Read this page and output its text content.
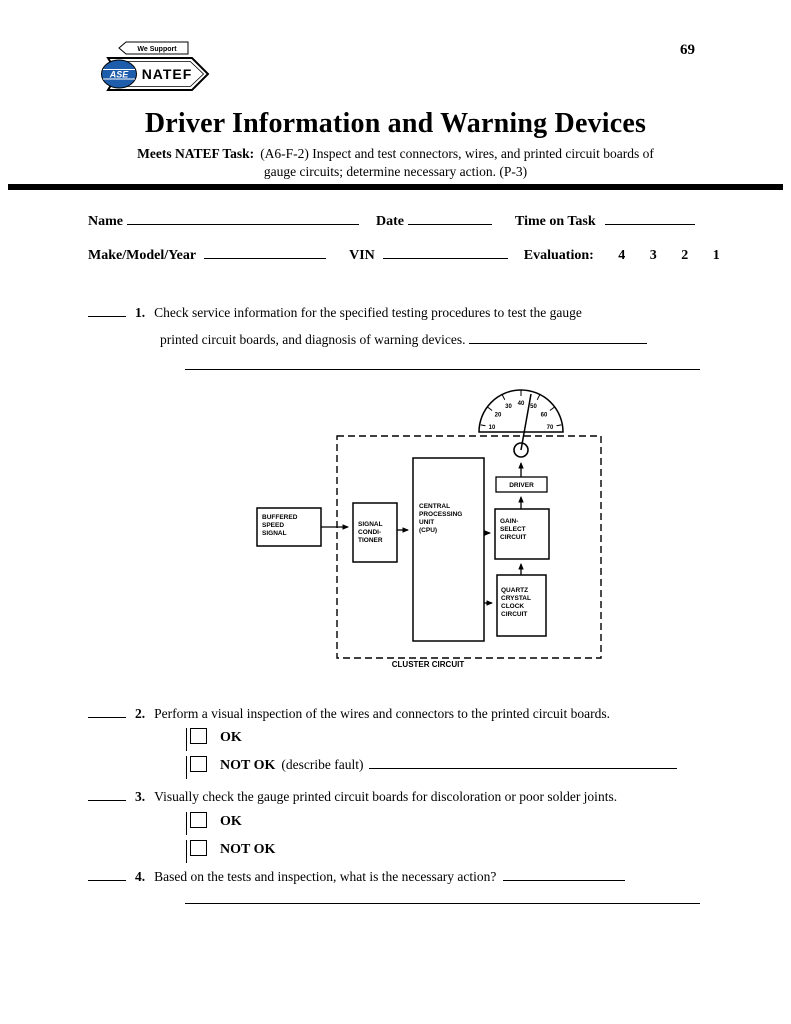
69
We Support
ASE NATEF
Driver Information and Warning Devices
Meets NATEF Task: (A6-F-2) Inspect and test connectors, wires, and printed circuit boards of
gauge circuits; determine necessary action. (P-3)
Name	Date	Time on Task
Make/Model/Year	VIN	Evaluation: 4 3 2 1
1. Check service information for the specified testing procedures to test the gauge
printed circuit boards, and diagnosis of warning devices.
BUFFERED
SPEED
SIGNAL
SIGNAL
CONDI-
TIONER
CENTRAL
PROCESSING
UNIT
(CPU)
GAIN-
SELECT
CIRCUIT
QUARTZ
CRYSTAL
CLOCK
CIRCUIT
DRIVER
10
20
30 40 50
60
70
CLUSTER CIRCUIT
2. Perform a visual inspection of the wires and connectors to the printed circuit boards.
OK
NOT OK (describe fault)
3. Visually check the gauge printed circuit boards for discoloration or poor solder joints.
OK
NOT OK
4. Based on the tests and inspection, what is the necessary action?
